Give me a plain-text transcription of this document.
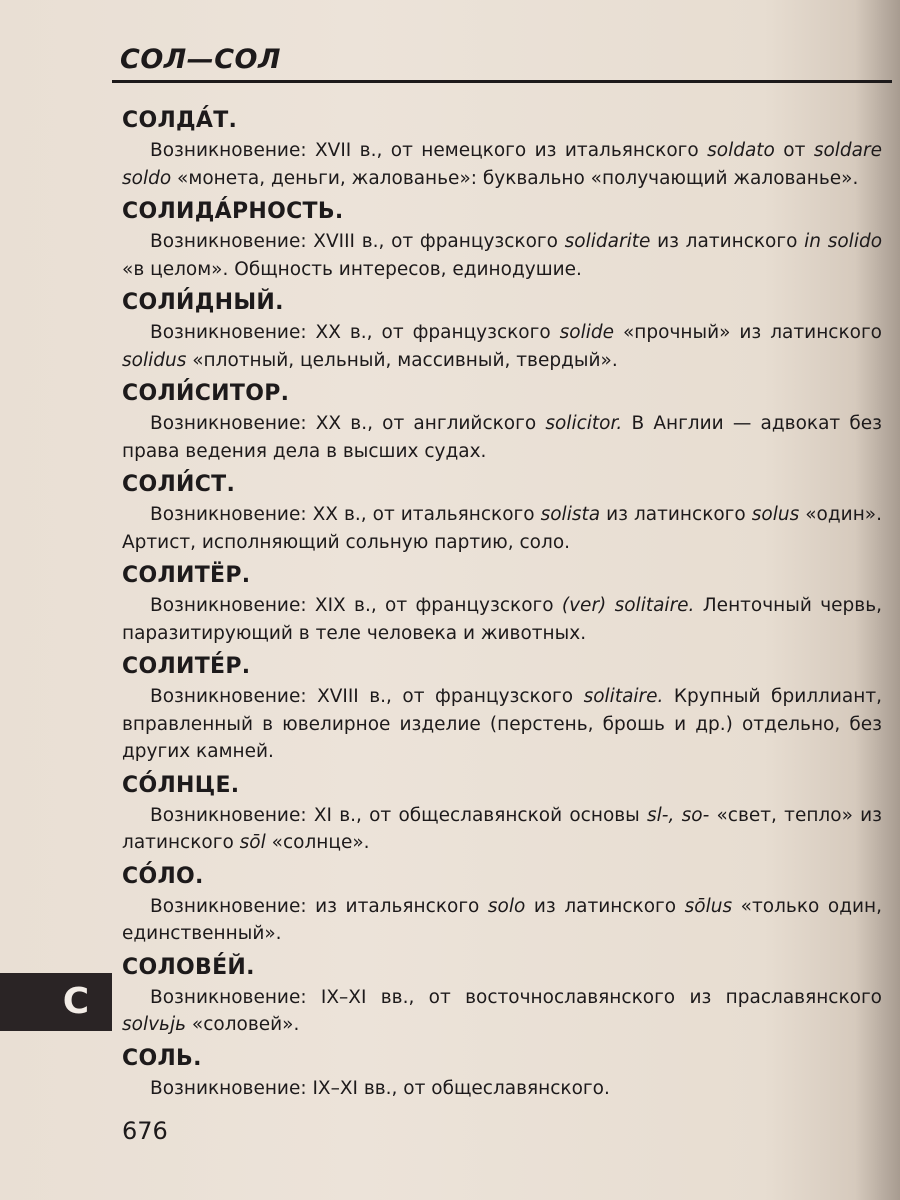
СОЛ—СОЛ
СОЛДА́Т.

Возникновение: XVII в., от немецкого из итальянского soldato от soldare soldo «монета, деньги, жалованье»: буквально «получающий жалованье».

СОЛИДА́РНОСТЬ.

Возникновение: XVIII в., от французского solidarite из латинского in solido «в целом». Общность интересов, единодушие.

СОЛИ́ДНЫЙ.

Возникновение: XX в., от французского solide «прочный» из латинского solidus «плотный, цельный, массивный, твердый».

СОЛИ́СИТОР.

Возникновение: XX в., от английского solicitor. В Англии — адвокат без права ведения дела в высших судах.

СОЛИ́СТ.

Возникновение: XX в., от итальянского solista из латинского solus «один». Артист, исполняющий сольную партию, соло.

СОЛИТЁР.

Возникновение: XIX в., от французского (ver) solitaire. Ленточный червь, паразитирующий в теле человека и животных.

СОЛИТЕ́Р.

Возникновение: XVIII в., от французского solitaire. Крупный бриллиант, вправленный в ювелирное изделие (перстень, брошь и др.) отдельно, без других камней.

СО́ЛНЦЕ.

Возникновение: XI в., от общеславянской основы sl-, so- «свет, тепло» из латинского sōl «солнце».

СО́ЛО.

Возникновение: из итальянского solo из латинского sōlus «только один, единственный».

СОЛОВЕ́Й.

Возникновение: IX–XI вв., от восточнославянского из праславянского solvьjь «соловей».

СОЛЬ.

Возникновение: IX–XI вв., от общеславянского.

С
676
